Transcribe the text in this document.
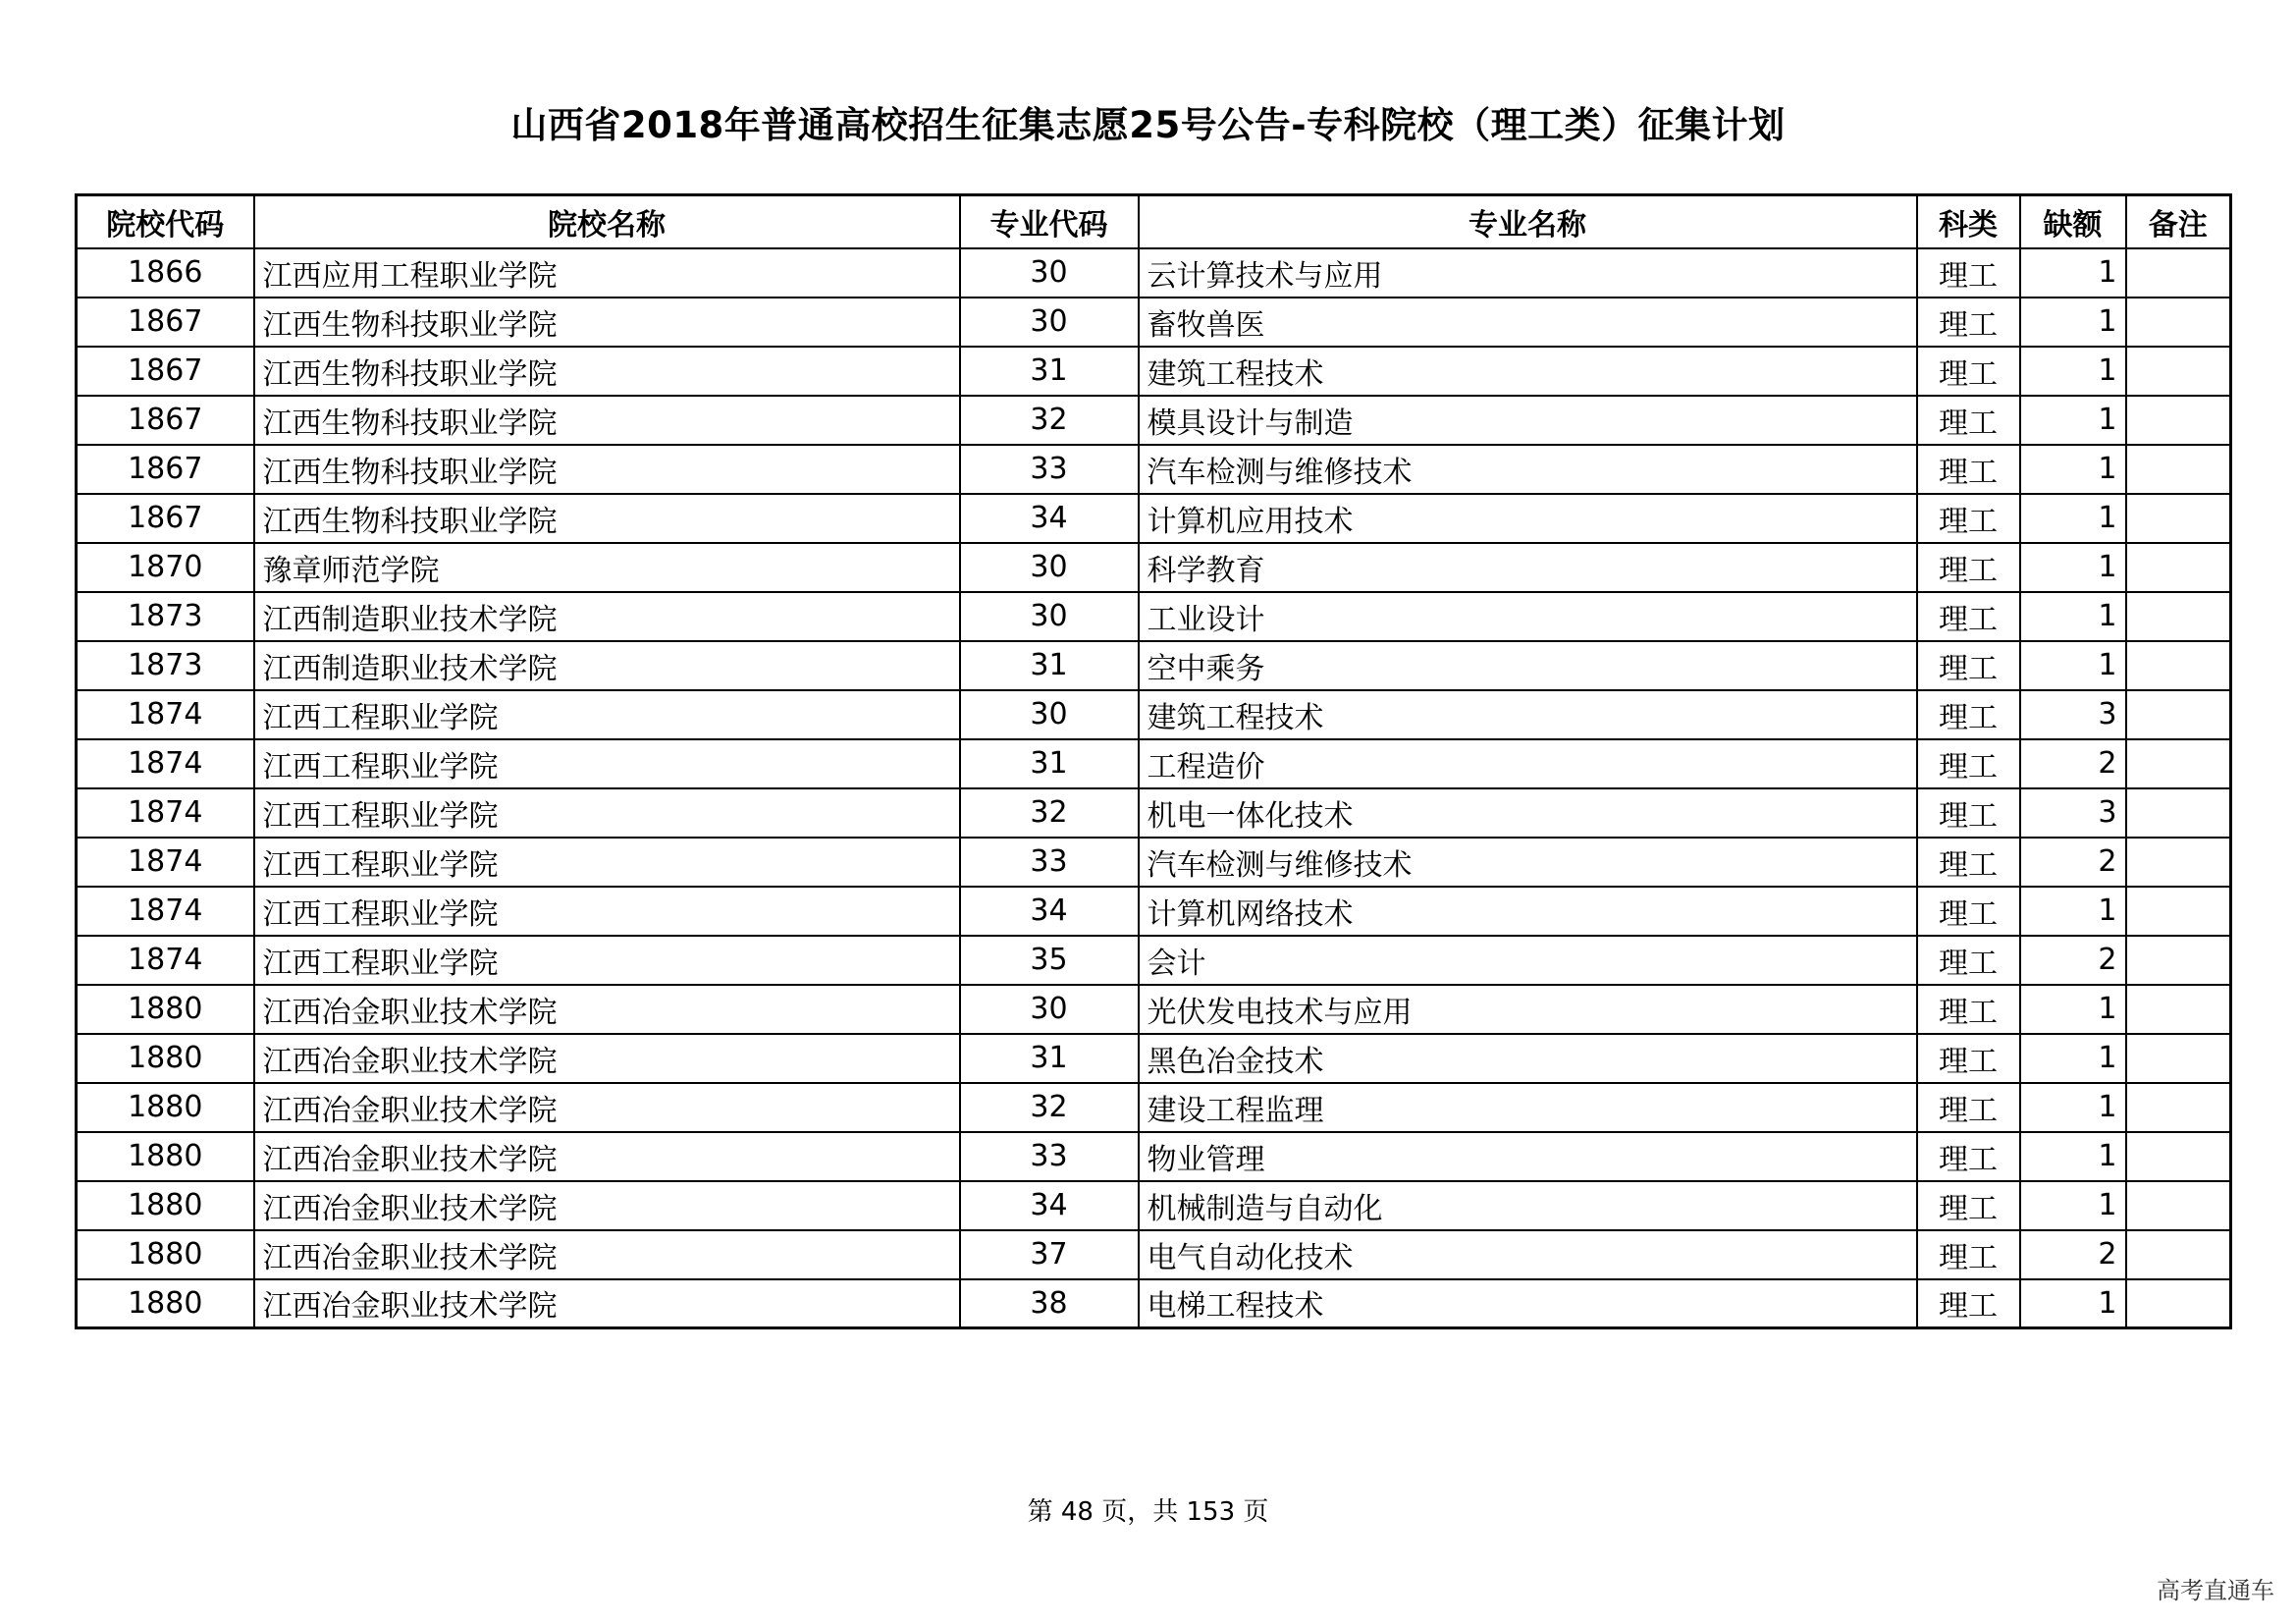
山西省2018年普通高校招生征集志愿25号公告-专科院校（理工类）征集计划
院校代码	院校名称	专业代码	专业名称	科类	缺额	备注
1866	江西应用工程职业学院	30	云计算技术与应用	理工	1	
1867	江西生物科技职业学院	30	畜牧兽医	理工	1	
1867	江西生物科技职业学院	31	建筑工程技术	理工	1	
1867	江西生物科技职业学院	32	模具设计与制造	理工	1	
1867	江西生物科技职业学院	33	汽车检测与维修技术	理工	1	
1867	江西生物科技职业学院	34	计算机应用技术	理工	1	
1870	豫章师范学院	30	科学教育	理工	1	
1873	江西制造职业技术学院	30	工业设计	理工	1	
1873	江西制造职业技术学院	31	空中乘务	理工	1	
1874	江西工程职业学院	30	建筑工程技术	理工	3	
1874	江西工程职业学院	31	工程造价	理工	2	
1874	江西工程职业学院	32	机电一体化技术	理工	3	
1874	江西工程职业学院	33	汽车检测与维修技术	理工	2	
1874	江西工程职业学院	34	计算机网络技术	理工	1	
1874	江西工程职业学院	35	会计	理工	2	
1880	江西冶金职业技术学院	30	光伏发电技术与应用	理工	1	
1880	江西冶金职业技术学院	31	黑色冶金技术	理工	1	
1880	江西冶金职业技术学院	32	建设工程监理	理工	1	
1880	江西冶金职业技术学院	33	物业管理	理工	1	
1880	江西冶金职业技术学院	34	机械制造与自动化	理工	1	
1880	江西冶金职业技术学院	37	电气自动化技术	理工	2	
1880	江西冶金职业技术学院	38	电梯工程技术	理工	1	
第 48 页，共 153 页
高考直通车
